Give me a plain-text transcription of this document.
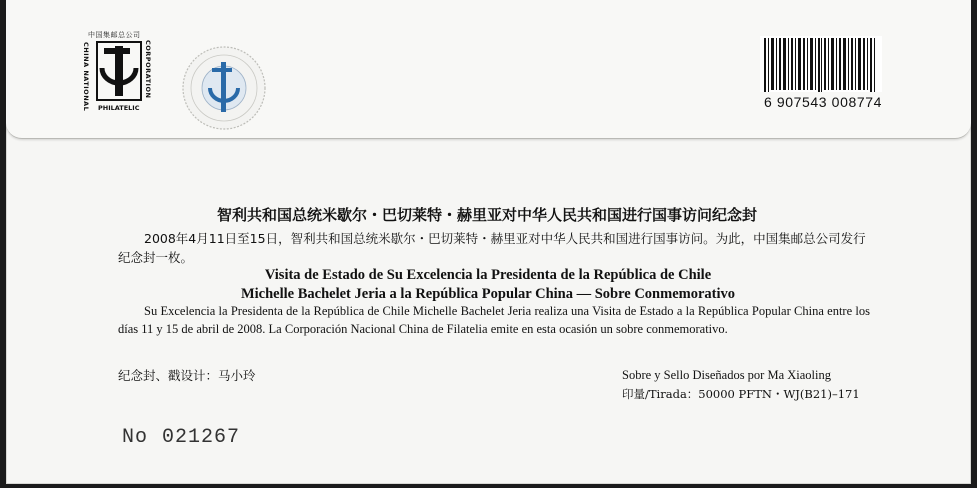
中国集邮总公司
CHINA NATIONAL	CORPORATION
PHILATELIC	6 907543 008774
智利共和国总统米歇尔・巴切莱特・赫里亚对中华人民共和国进行国事访问纪念封
2008年4月11日至15日，智利共和国总统米歇尔・巴切莱特・赫里亚对中华人民共和国进行国事访问。为此，中国集邮总公司发行纪念封一枚。
Visita de Estado de Su Excelencia la Presidenta de la República de Chile
Michelle Bachelet Jeria a la República Popular China — Sobre Conmemorativo
Su Excelencia la Presidenta de la República de Chile Michelle Bachelet Jeria realiza una Visita de Estado a la República Popular China entre los días 11 y 15 de abril de 2008. La Corporación Nacional China de Filatelia emite en esta ocasión un sobre conmemorativo.
纪念封、戳设计：马小玲	Sobre y Sello Diseñados por Ma Xiaoling
印量/Tirada：50000 PFTN・WJ(B21)–171
No 021267
